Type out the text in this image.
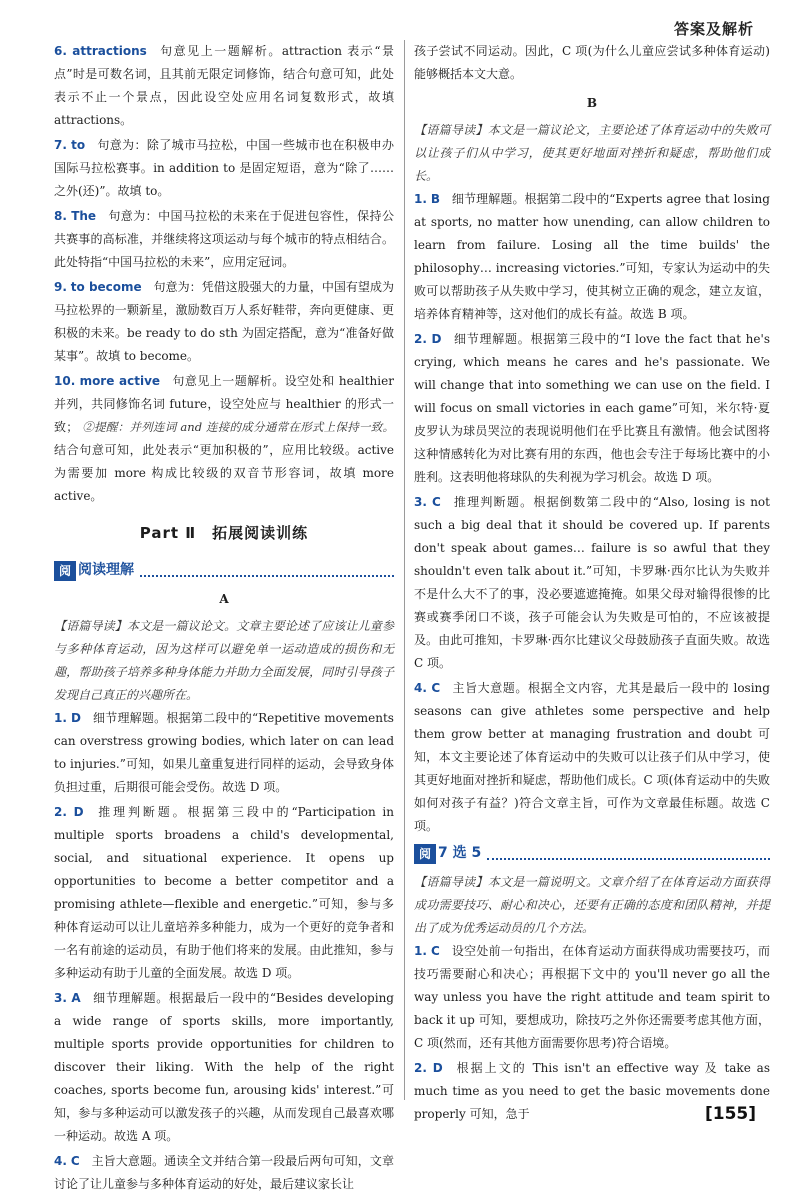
答案及解析
6. attractions 句意见上一题解析。attraction 表示“景点”时是可数名词，且其前无限定词修饰，结合句意可知，此处表示不止一个景点，因此设空处应用名词复数形式，故填 attractions。
7. to 句意为：除了城市马拉松，中国一些城市也在积极申办国际马拉松赛事。in addition to 是固定短语，意为“除了……之外(还)”。故填 to。
8. The 句意为：中国马拉松的未来在于促进包容性，保持公共赛事的高标准，并继续将这项运动与每个城市的特点相结合。此处特指“中国马拉松的未来”，应用定冠词。
9. to become 句意为：凭借这股强大的力量，中国有望成为马拉松界的一颗新星，激励数百万人系好鞋带，奔向更健康、更积极的未来。be ready to do sth 为固定搭配，意为“准备好做某事”。故填 to become。
10. more active 句意见上一题解析。设空处和 healthier 并列，共同修饰名词 future，设空处应与 healthier 的形式一致； ②提醒：并列连词 and 连接的成分通常在形式上保持一致。 结合句意可知，此处表示“更加积极的”，应用比较级。active 为需要加 more 构成比较级的双音节形容词，故填 more active。
Part Ⅱ　拓展阅读训练
阅 阅读理解
A
【语篇导读】本文是一篇议论文。文章主要论述了应该让儿童参与多种体育运动，因为这样可以避免单一运动造成的损伤和无趣，帮助孩子培养多种身体能力并助力全面发展，同时引导孩子发现自己真正的兴趣所在。
1. D 细节理解题。根据第二段中的“Repetitive movements can overstress growing bodies, which later on can lead to injuries.”可知，如果儿童重复进行同样的运动，会导致身体负担过重，后期很可能会受伤。故选 D 项。
2. D 推理判断题。根据第三段中的“Participation in multiple sports broadens a child's developmental, social, and situational experience. It opens up opportunities to become a better competitor and a promising athlete—flexible and energetic.”可知，参与多种体育运动可以让儿童培养多种能力，成为一个更好的竞争者和一名有前途的运动员，有助于他们将来的发展。由此推知，参与多种运动有助于儿童的全面发展。故选 D 项。
3. A 细节理解题。根据最后一段中的“Besides developing a wide range of sports skills, more importantly, multiple sports provide opportunities for children to discover their liking. With the help of the right coaches, sports become fun, arousing kids' interest.”可知，参与多种运动可以激发孩子的兴趣，从而发现自己最喜欢哪一种运动。故选 A 项。
4. C 主旨大意题。通读全文并结合第一段最后两句可知，文章讨论了让儿童参与多种体育运动的好处，最后建议家长让
孩子尝试不同运动。因此，C 项(为什么儿童应尝试多种体育运动)能够概括本文大意。
B
【语篇导读】本文是一篇议论文，主要论述了体育运动中的失败可以让孩子们从中学习，使其更好地面对挫折和疑虑，帮助他们成长。
1. B 细节理解题。根据第二段中的“Experts agree that losing at sports, no matter how unending, can allow children to learn from failure. Losing all the time builds' the philosophy… increasing victories.”可知，专家认为运动中的失败可以帮助孩子从失败中学习，使其树立正确的观念，建立友谊，培养体育精神等，这对他们的成长有益。故选 B 项。
2. D 细节理解题。根据第三段中的“I love the fact that he's crying, which means he cares and he's passionate. We will change that into something we can use on the field. I will focus on small victories in each game”可知，米尔特·夏皮罗认为球员哭泣的表现说明他们在乎比赛且有激情。他会试图将这种情感转化为对比赛有用的东西，他也会专注于每场比赛中的小胜利。这表明他将球队的失利视为学习机会。故选 D 项。
3. C 推理判断题。根据倒数第二段中的“Also, losing is not such a big deal that it should be covered up. If parents don't speak about games… failure is so awful that they shouldn't even talk about it.”可知，卡罗琳·西尔比认为失败并不是什么大不了的事，没必要遮遮掩掩。如果父母对输得很惨的比赛或赛季闭口不谈，孩子可能会认为失败是可怕的，不应该被提及。由此可推知，卡罗琳·西尔比建议父母鼓励孩子直面失败。故选 C 项。
4. C 主旨大意题。根据全文内容，尤其是最后一段中的 losing seasons can give athletes some perspective and help them grow better at managing frustration and doubt 可知，本文主要论述了体育运动中的失败可以让孩子们从中学习，使其更好地面对挫折和疑虑，帮助他们成长。C 项(体育运动中的失败如何对孩子有益？)符合文章主旨，可作为文章最佳标题。故选 C 项。
阅 7 选 5
【语篇导读】本文是一篇说明文。文章介绍了在体育运动方面获得成功需要技巧、耐心和决心，还要有正确的态度和团队精神，并提出了成为优秀运动员的几个方法。
1. C 设空处前一句指出，在体育运动方面获得成功需要技巧，而技巧需要耐心和决心；再根据下文中的 you'll never go all the way unless you have the right attitude and team spirit to back it up 可知，要想成功，除技巧之外你还需要考虑其他方面，C 项(然而，还有其他方面需要你思考)符合语境。
2. D 根据上文的 This isn't an effective way 及 take as much time as you need to get the basic movements done properly 可知，急于	[155]
